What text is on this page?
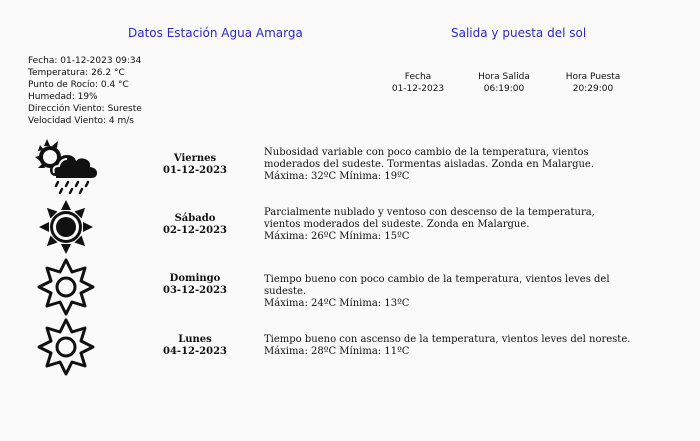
Datos Estación Agua Amarga	Salida y puesta del sol
Fecha: 01-12-2023 09:34
Temperatura: 26.2 °C
Punto de Rocío: 0.4 °C
Humedad: 19%
Dirección Viento: Sureste
Velocidad Viento: 4 m/s
Fecha
01-12-2023
Hora Salida
06:19:00
Hora Puesta
20:29:00
Viernes
01-12-2023
Nubosidad variable con poco cambio de la temperatura, vientos moderados del sudeste. Tormentas aisladas. Zonda en Malargue.
Máxima: 32ºC Mínima: 19ºC
Sábado
02-12-2023
Parcialmente nublado y ventoso con descenso de la temperatura, vientos moderados del sudeste. Zonda en Malargue.
Máxima: 26ºC Mínima: 15ºC
Domingo
03-12-2023
Tiempo bueno con poco cambio de la temperatura, vientos leves del sudeste.
Máxima: 24ºC Mínima: 13ºC
Lunes
04-12-2023
Tiempo bueno con ascenso de la temperatura, vientos leves del noreste.
Máxima: 28ºC Mínima: 11ºC
